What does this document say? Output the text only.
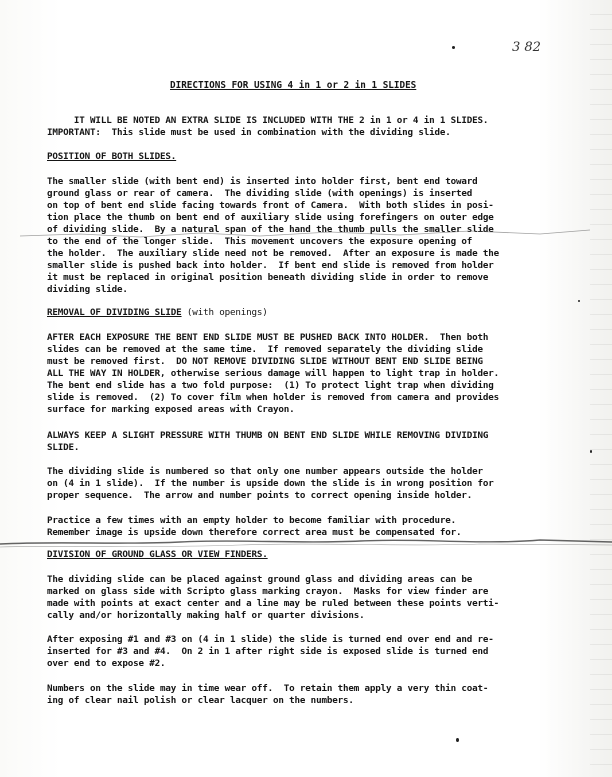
3 82
DIRECTIONS FOR USING 4 in 1 or 2 in 1 SLIDES
IT WILL BE NOTED AN EXTRA SLIDE IS INCLUDED WITH THE 2 in 1 or 4 in 1 SLIDES.
IMPORTANT:  This slide must be used in combination with the dividing slide.
POSITION OF BOTH SLIDES.
The smaller slide (with bent end) is inserted into holder first, bent end toward
ground glass or rear of camera.  The dividing slide (with openings) is inserted
on top of bent end slide facing towards front of Camera.  With both slides in posi-
tion place the thumb on bent end of auxiliary slide using forefingers on outer edge
of dividing slide.  By a natural span of the hand the thumb pulls the smaller slide
to the end of the longer slide.  This movement uncovers the exposure opening of
the holder.  The auxiliary slide need not be removed.  After an exposure is made the
smaller slide is pushed back into holder.  If bent end slide is removed from holder
it must be replaced in original position beneath dividing slide in order to remove
dividing slide.
REMOVAL OF DIVIDING SLIDE (with openings)
AFTER EACH EXPOSURE THE BENT END SLIDE MUST BE PUSHED BACK INTO HOLDER.  Then both
slides can be removed at the same time.  If removed separately the dividing slide
must be removed first.  DO NOT REMOVE DIVIDING SLIDE WITHOUT BENT END SLIDE BEING
ALL THE WAY IN HOLDER, otherwise serious damage will happen to light trap in holder.
The bent end slide has a two fold purpose:  (1) To protect light trap when dividing
slide is removed.  (2) To cover film when holder is removed from camera and provides
surface for marking exposed areas with Crayon.
ALWAYS KEEP A SLIGHT PRESSURE WITH THUMB ON BENT END SLIDE WHILE REMOVING DIVIDING
SLIDE.
The dividing slide is numbered so that only one number appears outside the holder
on (4 in 1 slide).  If the number is upside down the slide is in wrong position for
proper sequence.  The arrow and number points to correct opening inside holder.
Practice a few times with an empty holder to become familiar with procedure.
Remember image is upside down therefore correct area must be compensated for.
DIVISION OF GROUND GLASS OR VIEW FINDERS.
The dividing slide can be placed against ground glass and dividing areas can be
marked on glass side with Scripto glass marking crayon.  Masks for view finder are
made with points at exact center and a line may be ruled between these points verti-
cally and/or horizontally making half or quarter divisions.
After exposing #1 and #3 on (4 in 1 slide) the slide is turned end over end and re-
inserted for #3 and #4.  On 2 in 1 after right side is exposed slide is turned end
over end to expose #2.
Numbers on the slide may in time wear off.  To retain them apply a very thin coat-
ing of clear nail polish or clear lacquer on the numbers.
